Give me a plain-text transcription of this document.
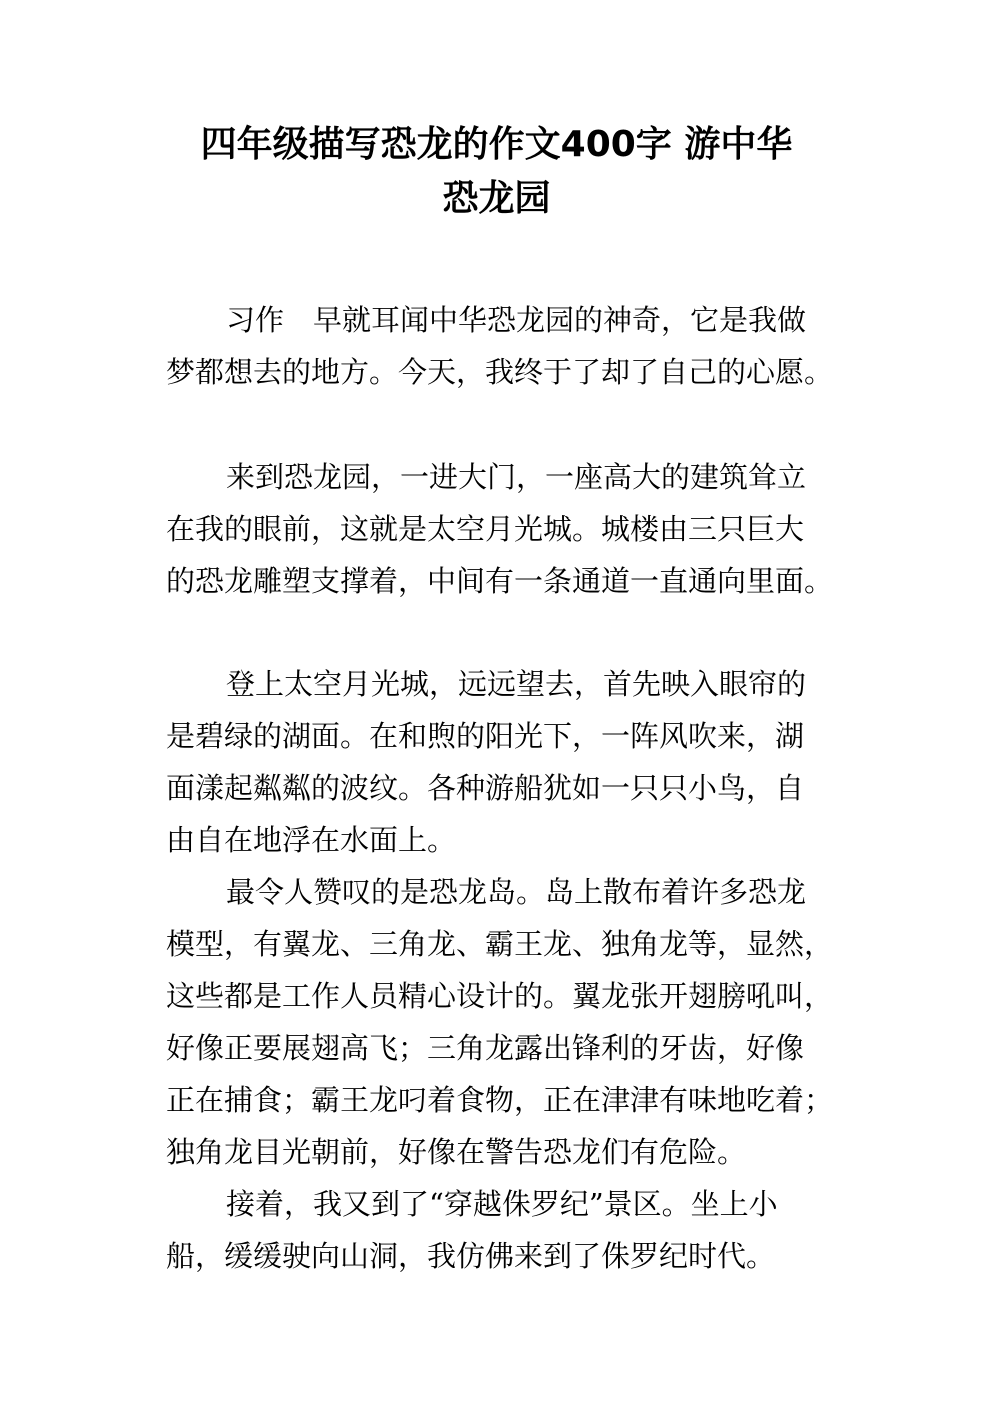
四年级描写恐龙的作文400字 游中华
恐龙园
习作　早就耳闻中华恐龙园的神奇，它是我做
梦都想去的地方。今天，我终于了却了自己的心愿。
来到恐龙园，一进大门，一座高大的建筑耸立
在我的眼前，这就是太空月光城。城楼由三只巨大
的恐龙雕塑支撑着，中间有一条通道一直通向里面。
登上太空月光城，远远望去，首先映入眼帘的
是碧绿的湖面。在和煦的阳光下，一阵风吹来，湖
面漾起粼粼的波纹。各种游船犹如一只只小鸟，自
由自在地浮在水面上。
最令人赞叹的是恐龙岛。岛上散布着许多恐龙
模型，有翼龙、三角龙、霸王龙、独角龙等，显然，
这些都是工作人员精心设计的。翼龙张开翅膀吼叫，
好像正要展翅高飞；三角龙露出锋利的牙齿，好像
正在捕食；霸王龙叼着食物，正在津津有味地吃着；
独角龙目光朝前，好像在警告恐龙们有危险。
接着，我又到了“穿越侏罗纪”景区。坐上小
船，缓缓驶向山洞，我仿佛来到了侏罗纪时代。
